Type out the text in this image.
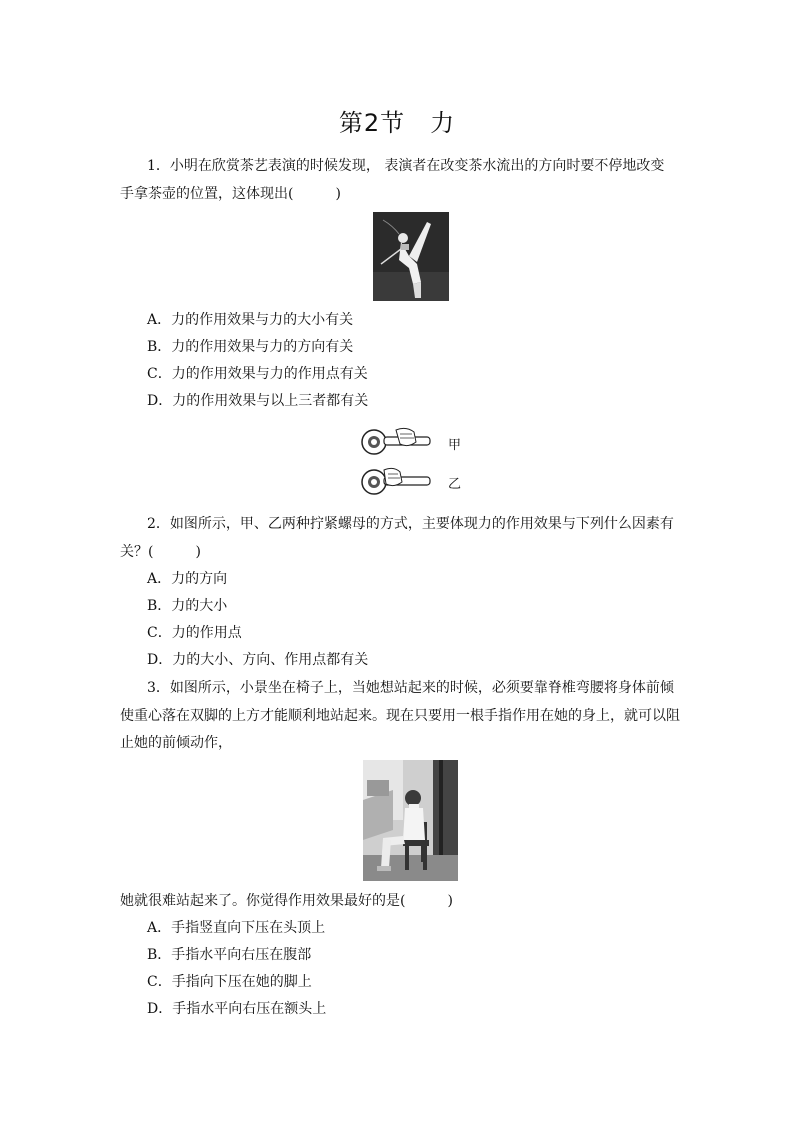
第2节　力
1．小明在欣赏茶艺表演的时候发现， 表演者在改变茶水流出的方向时要不停地改变
手拿茶壶的位置，这体现出(　　　)
A．力的作用效果与力的大小有关
B．力的作用效果与力的方向有关
C．力的作用效果与力的作用点有关
D．力的作用效果与以上三者都有关
甲
乙
2．如图所示，甲、乙两种拧紧螺母的方式，主要体现力的作用效果与下列什么因素有
关？(　　　)
A．力的方向
B．力的大小
C．力的作用点
D．力的大小、方向、作用点都有关
3．如图所示，小景坐在椅子上，当她想站起来的时候，必须要靠脊椎弯腰将身体前倾
使重心落在双脚的上方才能顺利地站起来。现在只要用一根手指作用在她的身上，就可以阻
止她的前倾动作，
她就很难站起来了。你觉得作用效果最好的是(　　　)
A．手指竖直向下压在头顶上
B．手指水平向右压在腹部
C．手指向下压在她的脚上
D．手指水平向右压在额头上
